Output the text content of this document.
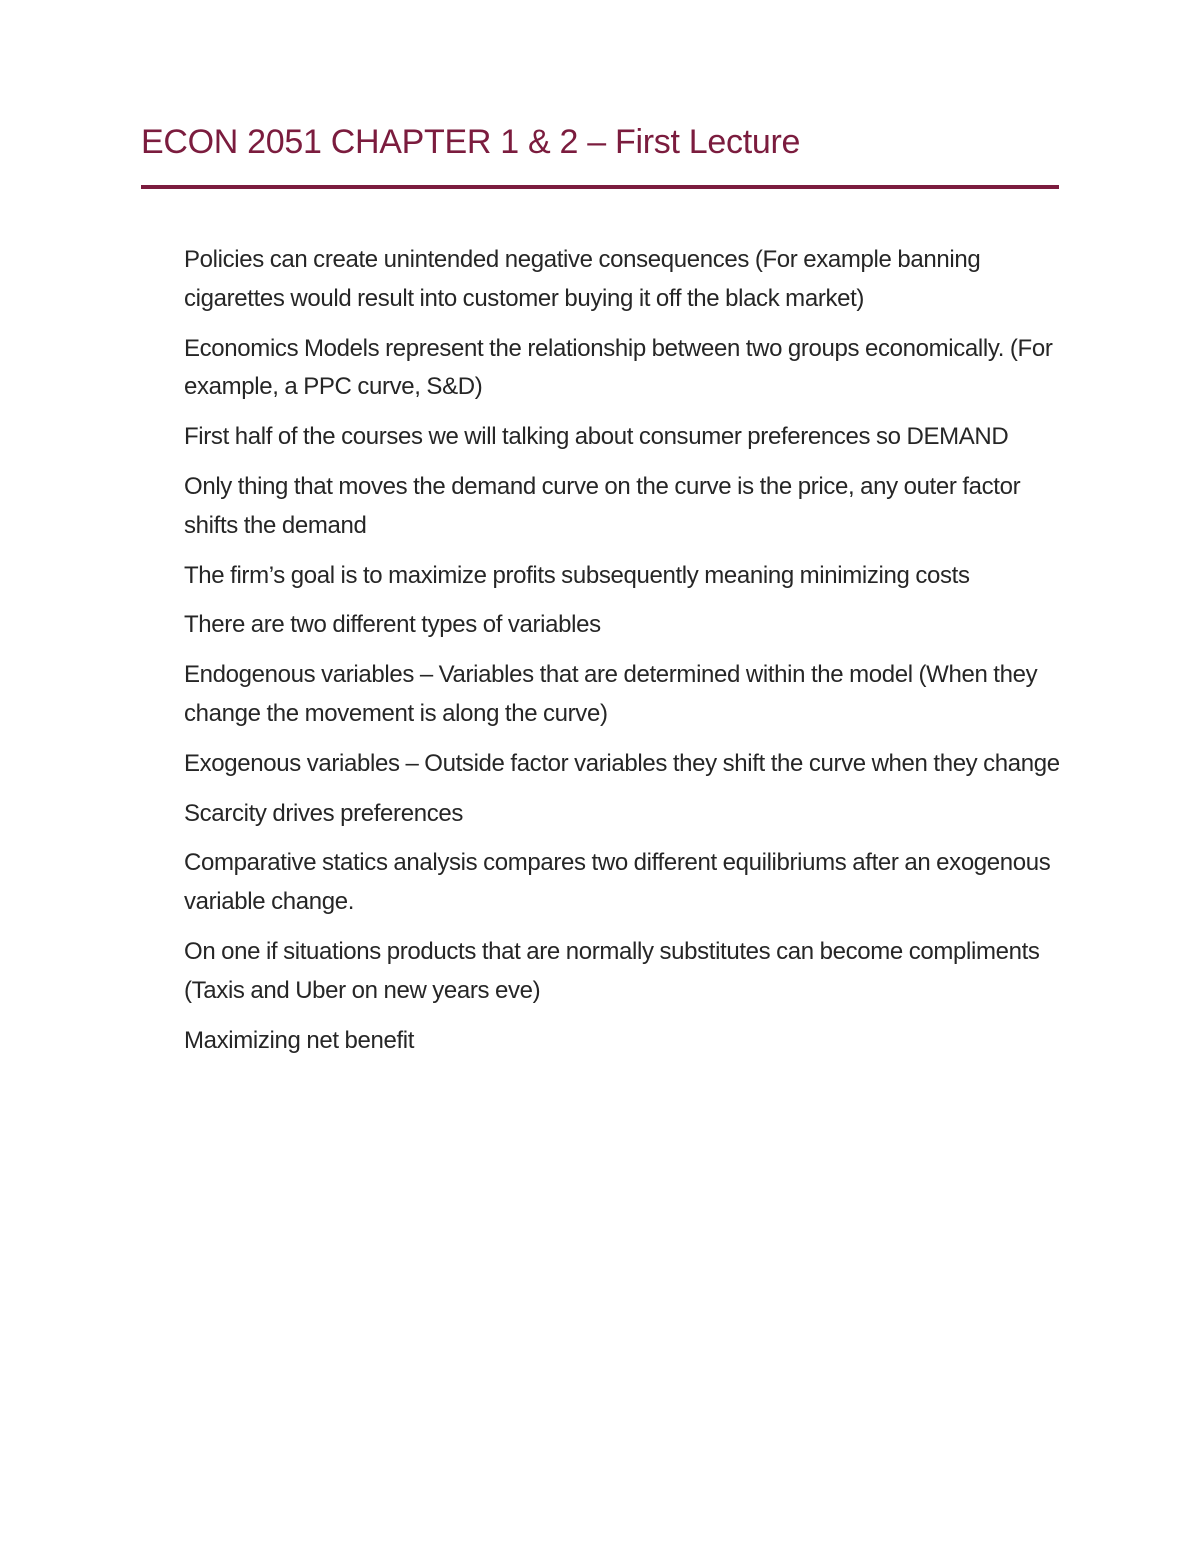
ECON 2051 CHAPTER 1 & 2 – First Lecture
Policies can create unintended negative consequences (For example banning cigarettes would result into customer buying it off the black market)
Economics Models represent the relationship between two groups economically. (For example, a PPC curve, S&D)
First half of the courses we will talking about consumer preferences so DEMAND
Only thing that moves the demand curve on the curve is the price, any outer factor shifts the demand
The firm’s goal is to maximize profits subsequently meaning minimizing costs
There are two different types of variables
Endogenous variables – Variables that are determined within the model (When they change the movement is along the curve)
Exogenous variables – Outside factor variables they shift the curve when they change
Scarcity drives preferences
Comparative statics analysis compares two different equilibriums after an exogenous variable change.
On one if situations products that are normally substitutes can become compliments (Taxis and Uber on new years eve)
Maximizing net benefit
